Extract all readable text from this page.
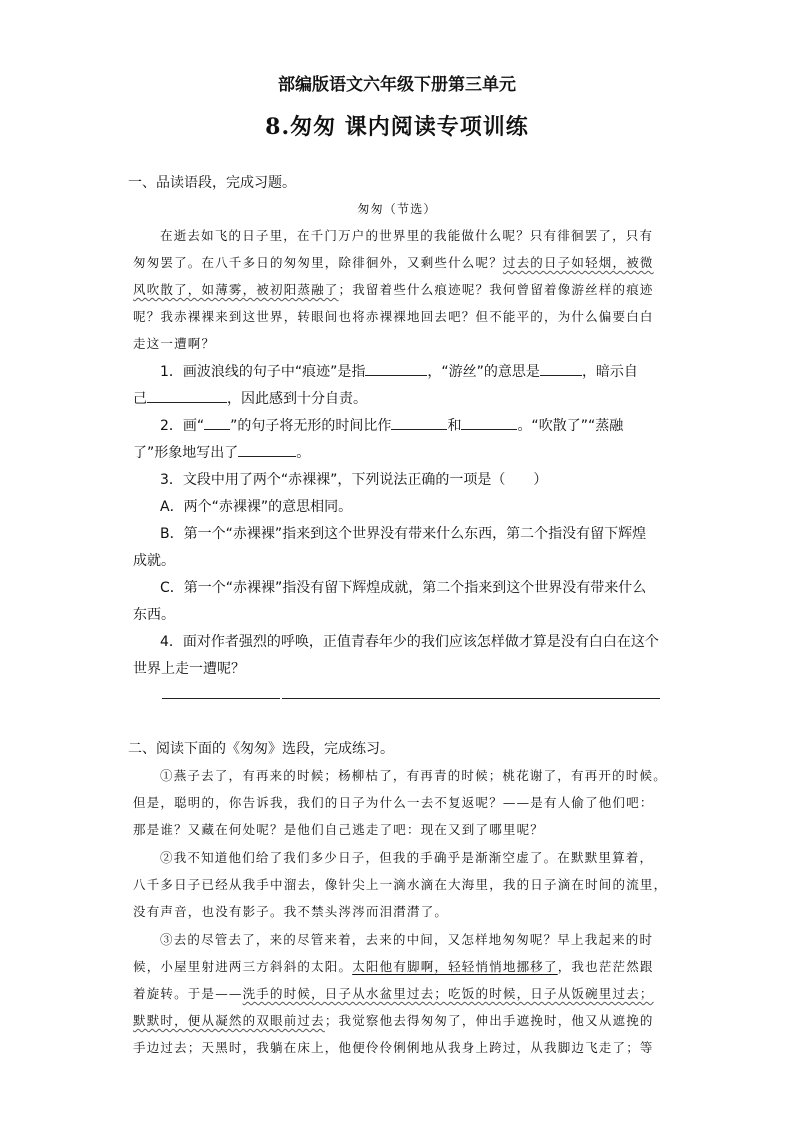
部编版语文六年级下册第三单元
8.匆匆 课内阅读专项训练
一、品读语段，完成习题。
匆匆（节选）
在逝去如飞的日子里，在千门万户的世界里的我能做什么呢？只有徘徊罢了，只有
匆匆罢了。在八千多日的匆匆里，除徘徊外，又剩些什么呢？过去的日子如轻烟，被微
风吹散了，如薄雾，被初阳蒸融了；我留着些什么痕迹呢？我何曾留着像游丝样的痕迹
呢？我赤裸裸来到这世界，转眼间也将赤裸裸地回去吧？但不能平的，为什么偏要白白
走这一遭啊？
1．画波浪线的句子中“痕迹”是指	，“游丝”的意思是	，暗示自
己	，因此感到十分自责。
2．画“ ”的句子将无形的时间比作	和	。“吹散了”“蒸融
了”形象地写出了	。
3．文段中用了两个“赤裸裸”，下列说法正确的一项是（　　）
A．两个“赤裸裸”的意思相同。
B．第一个“赤裸裸”指来到这个世界没有带来什么东西，第二个指没有留下辉煌
成就。
C．第一个“赤裸裸”指没有留下辉煌成就，第二个指来到这个世界没有带来什么
东西。
4．面对作者强烈的呼唤，正值青春年少的我们应该怎样做才算是没有白白在这个
世界上走一遭呢？
二、阅读下面的《匆匆》选段，完成练习。
①燕子去了，有再来的时候；杨柳枯了，有再青的时候；桃花谢了，有再开的时候。
但是，聪明的，你告诉我，我们的日子为什么一去不复返呢？——是有人偷了他们吧：
那是谁？又藏在何处呢？是他们自己逃走了吧：现在又到了哪里呢？
②我不知道他们给了我们多少日子，但我的手确乎是渐渐空虚了。在默默里算着，
八千多日子已经从我手中溜去，像针尖上一滴水滴在大海里，我的日子滴在时间的流里，
没有声音，也没有影子。我不禁头涔涔而泪潸潸了。
③去的尽管去了，来的尽管来着，去来的中间，又怎样地匆匆呢？早上我起来的时
候，小屋里射进两三方斜斜的太阳。太阳他有脚啊，轻轻悄悄地挪移了，我也茫茫然跟
着旋转。于是——洗手的时候，日子从水盆里过去；吃饭的时候，日子从饭碗里过去；
默默时，便从凝然的双眼前过去；我觉察他去得匆匆了，伸出手遮挽时，他又从遮挽的
手边过去；天黑时，我躺在床上，他便伶伶俐俐地从我身上跨过，从我脚边飞走了；等
